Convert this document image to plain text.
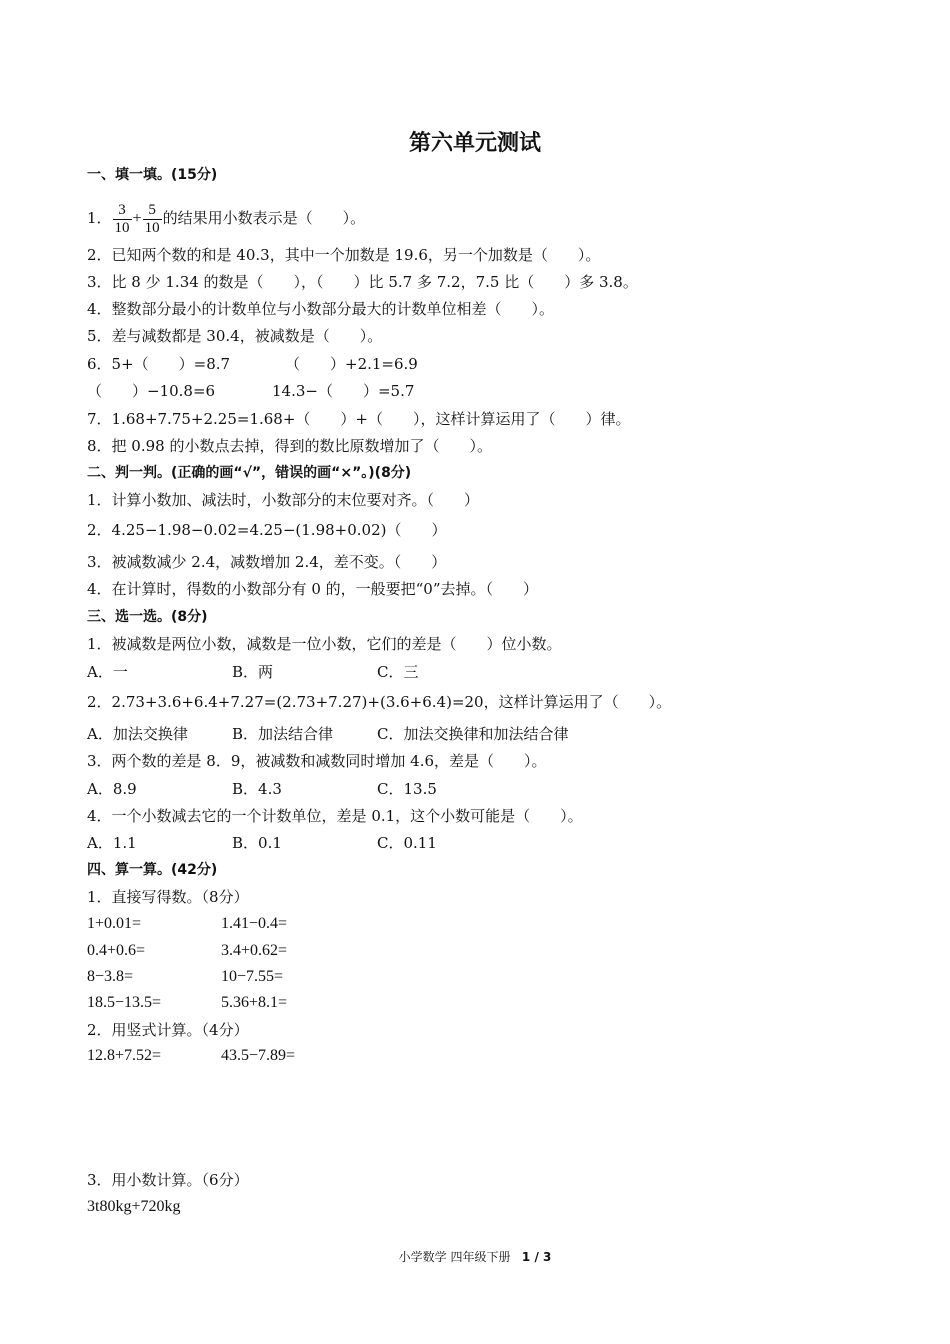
第六单元测试
一、填一填。(15分)
1． $\frac{3}{10} + \frac{5}{10}$ 的结果用小数表示是（　　）。
2．已知两个数的和是 40.3，其中一个加数是 19.6，另一个加数是（　　）。
3．比 8 少 1.34 的数是（　　），（　　）比 5.7 多 7.2，7.5 比（　　）多 3.8。
4．整数部分最小的计数单位与小数部分最大的计数单位相差（　　）。
5．差与减数都是 30.4，被减数是（　　）。
6．5+（　　）=8.7	（　　）+2.1=6.9
（　　）−10.8=6	14.3−（　　）=5.7
7．1.68+7.75+2.25=1.68+（　　）+（　　），这样计算运用了（　　）律。
8．把 0.98 的小数点去掉，得到的数比原数增加了（　　）。
二、判一判。(正确的画“√”，错误的画“×”。)(8分)
1．计算小数加、减法时，小数部分的末位要对齐。（　　）
2．4.25−1.98−0.02=4.25−(1.98+0.02)（　　）
3．被减数减少 2.4，减数增加 2.4，差不变。（　　）
4．在计算时，得数的小数部分有 0 的，一般要把“0”去掉。（　　）
三、选一选。(8分)
1．被减数是两位小数，减数是一位小数，它们的差是（　　）位小数。
A．一	B．两	C．三
2．2.73+3.6+6.4+7.27=(2.73+7.27)+(3.6+6.4)=20，这样计算运用了（　　）。
A．加法交换律	B．加法结合律	C．加法交换律和加法结合律
3．两个数的差是 8．9，被减数和减数同时增加 4.6，差是（　　）。
A．8.9	B．4.3	C．13.5
4．一个小数减去它的一个计数单位，差是 0.1，这个小数可能是（　　）。
A．1.1	B．0.1	C．0.11
四、算一算。(42分)
1．直接写得数。（8分）
1+0.01=	1.41−0.4=
0.4+0.6=	3.4+0.62=
8−3.8=	10−7.55=
18.5−13.5=	5.36+8.1=
2．用竖式计算。（4分）
12.8+7.52=	43.5−7.89=
3．用小数计算。（6分）
3t80kg+720kg
小学数学 四年级下册 1 / 3
